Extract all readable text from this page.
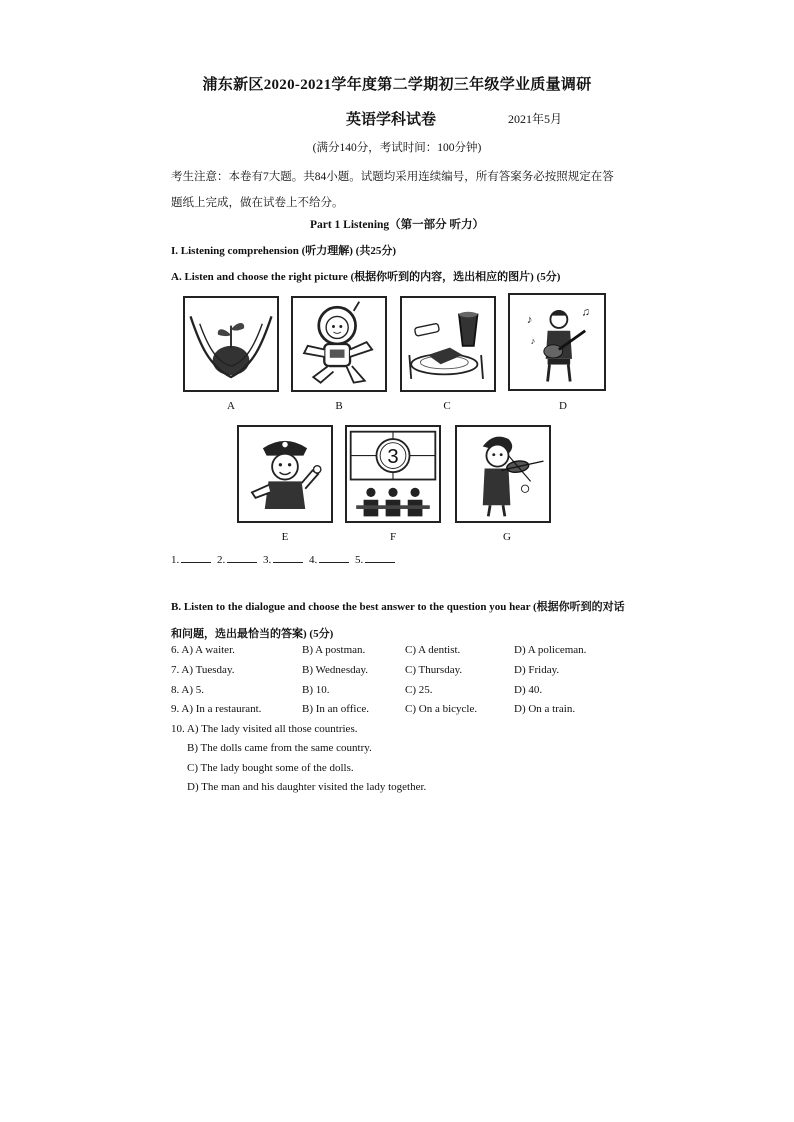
浦东新区2020-2021学年度第二学期初三年级学业质量调研
英语学科试卷	2021年5月
(满分140分，考试时间：100分钟)
考生注意：本卷有7大题。共84小题。试题均采用连续编号，所有答案务必按照规定在答
题纸上完成，做在试卷上不给分。
Part 1 Listening（第一部分 听力）
I. Listening comprehension (听力理解) (共25分)
A. Listen and choose the right picture (根据你听到的内容，选出相应的图片) (5分)
A	B	C
♪
♫
♪
D
E
3
F	G
1.	2.	3.	4.	5.
B. Listen to the dialogue and choose the best answer to the question you hear (根据你听到的对话和问题，选出最恰当的答案) (5分)
6. A) A waiter.	B) A postman.	C) A dentist.	D) A policeman.
7. A) Tuesday.	B) Wednesday.	C) Thursday.	D) Friday.
8. A) 5.	B) 10.	C) 25.	D) 40.
9. A) In a restaurant.	B) In an office.	C) On a bicycle.	D) On a train.
10. A) The lady visited all those countries.
B) The dolls came from the same country.
C) The lady bought some of the dolls.
D) The man and his daughter visited the lady together.
